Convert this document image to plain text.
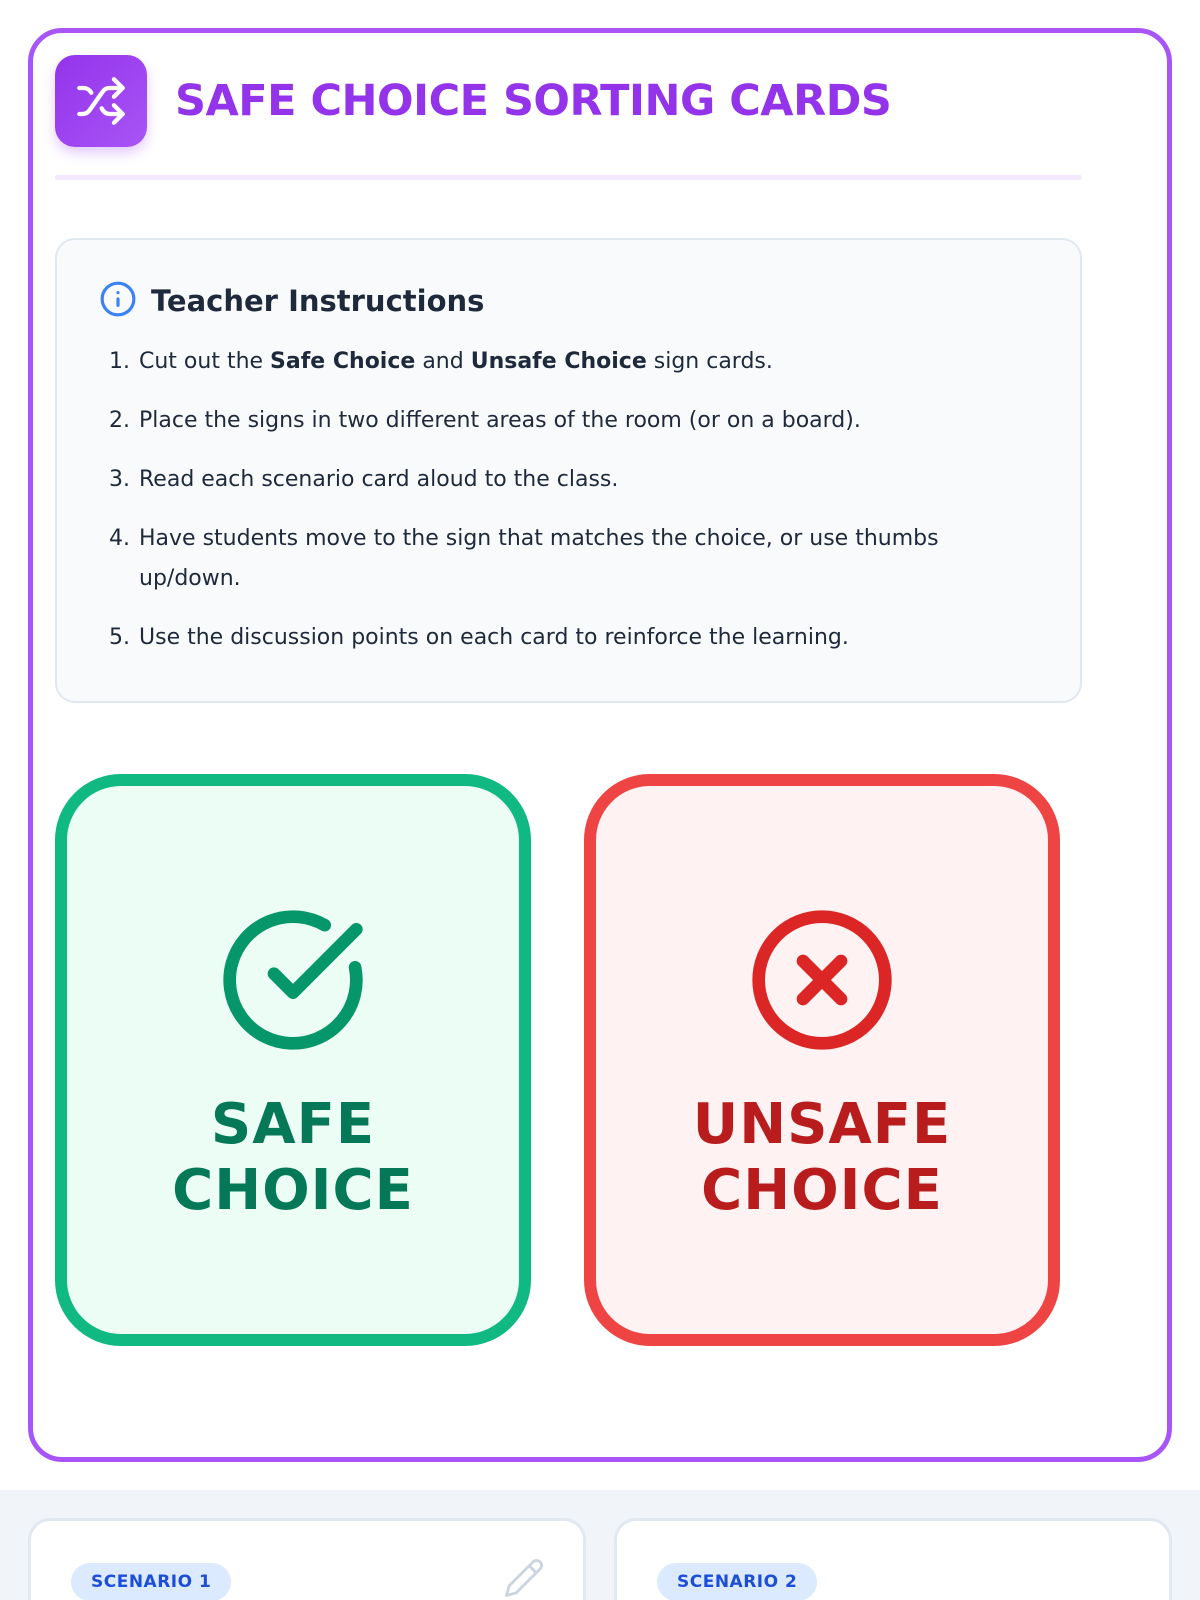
SAFE CHOICE SORTING CARDS
Teacher Instructions
1. Cut out the Safe Choice and Unsafe Choice sign cards.
2. Place the signs in two different areas of the room (or on a board).
3. Read each scenario card aloud to the class.
4. Have students move to the sign that matches the choice, or use thumbs up/down.
5. Use the discussion points on each card to reinforce the learning.
SAFE
CHOICE
UNSAFE
CHOICE
SCENARIO 1	SCENARIO 2
